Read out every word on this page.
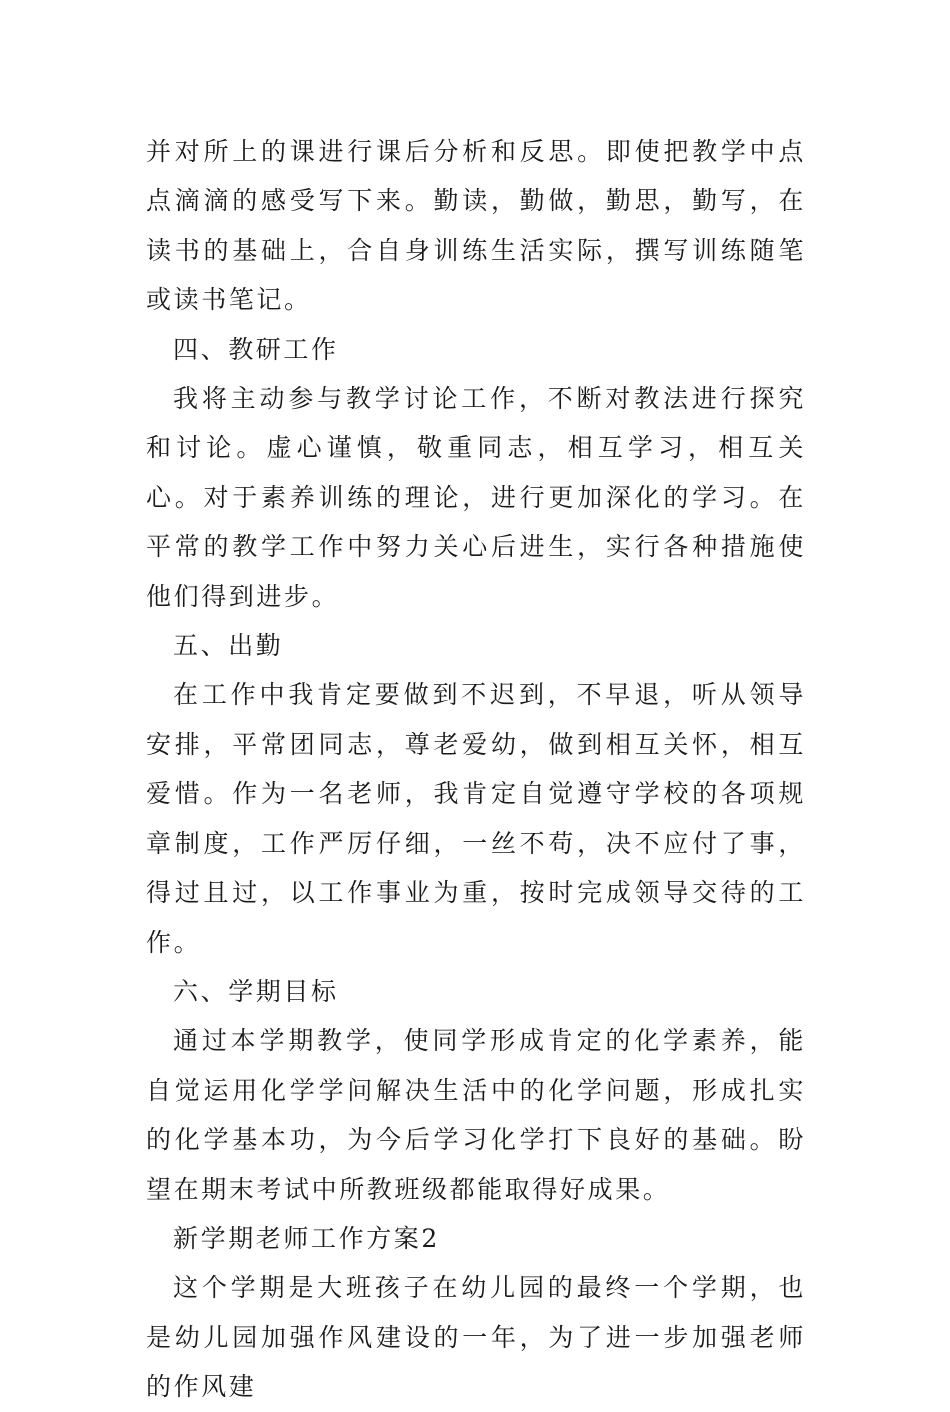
并对所上的课进行课后分析和反思。即使把教学中点点滴滴的感受写下来。勤读，勤做，勤思，勤写，在读书的基础上，合自身训练生活实际，撰写训练随笔或读书笔记。

四、教研工作

我将主动参与教学讨论工作，不断对教法进行探究和讨论。虚心谨慎，敬重同志，相互学习，相互关心。对于素养训练的理论，进行更加深化的学习。在平常的教学工作中努力关心后进生，实行各种措施使他们得到进步。

五、出勤

在工作中我肯定要做到不迟到，不早退，听从领导安排，平常团同志，尊老爱幼，做到相互关怀，相互爱惜。作为一名老师，我肯定自觉遵守学校的各项规章制度，工作严厉仔细，一丝不苟，决不应付了事，得过且过，以工作事业为重，按时完成领导交待的工作。

六、学期目标

通过本学期教学，使同学形成肯定的化学素养，能自觉运用化学学问解决生活中的化学问题，形成扎实的化学基本功，为今后学习化学打下良好的基础。盼望在期末考试中所教班级都能取得好成果。

新学期老师工作方案2

这个学期是大班孩子在幼儿园的最终一个学期，也是幼儿园加强作风建设的一年，为了进一步加强老师的作风建
